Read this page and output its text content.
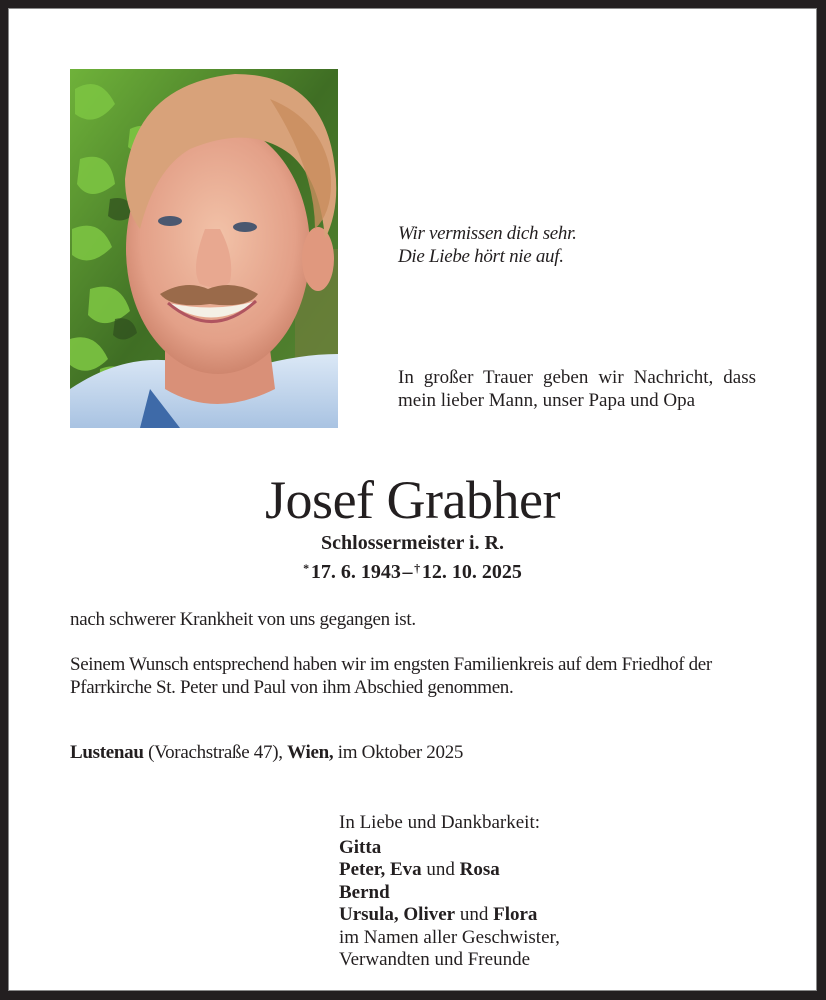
Wir vermissen dich sehr.
Die Liebe hört nie auf.
In großer Trauer geben wir Nachricht, dass mein lieber Mann, unser Papa und Opa
Josef Grabher
Schlossermeister i. R.
* 17. 6. 1943 –  † 12. 10. 2025
nach schwerer Krankheit von uns gegangen ist.
Seinem Wunsch entsprechend haben wir im engsten Familienkreis auf dem Friedhof der Pfarrkirche St. Peter und Paul von ihm Abschied genommen.
Lustenau (Vorachstraße 47), Wien, im Oktober 2025
In Liebe und Dankbarkeit:
Gitta
Peter, Eva und Rosa
Bernd
Ursula, Oliver und Flora
im Namen aller Geschwister,
Verwandten und Freunde
